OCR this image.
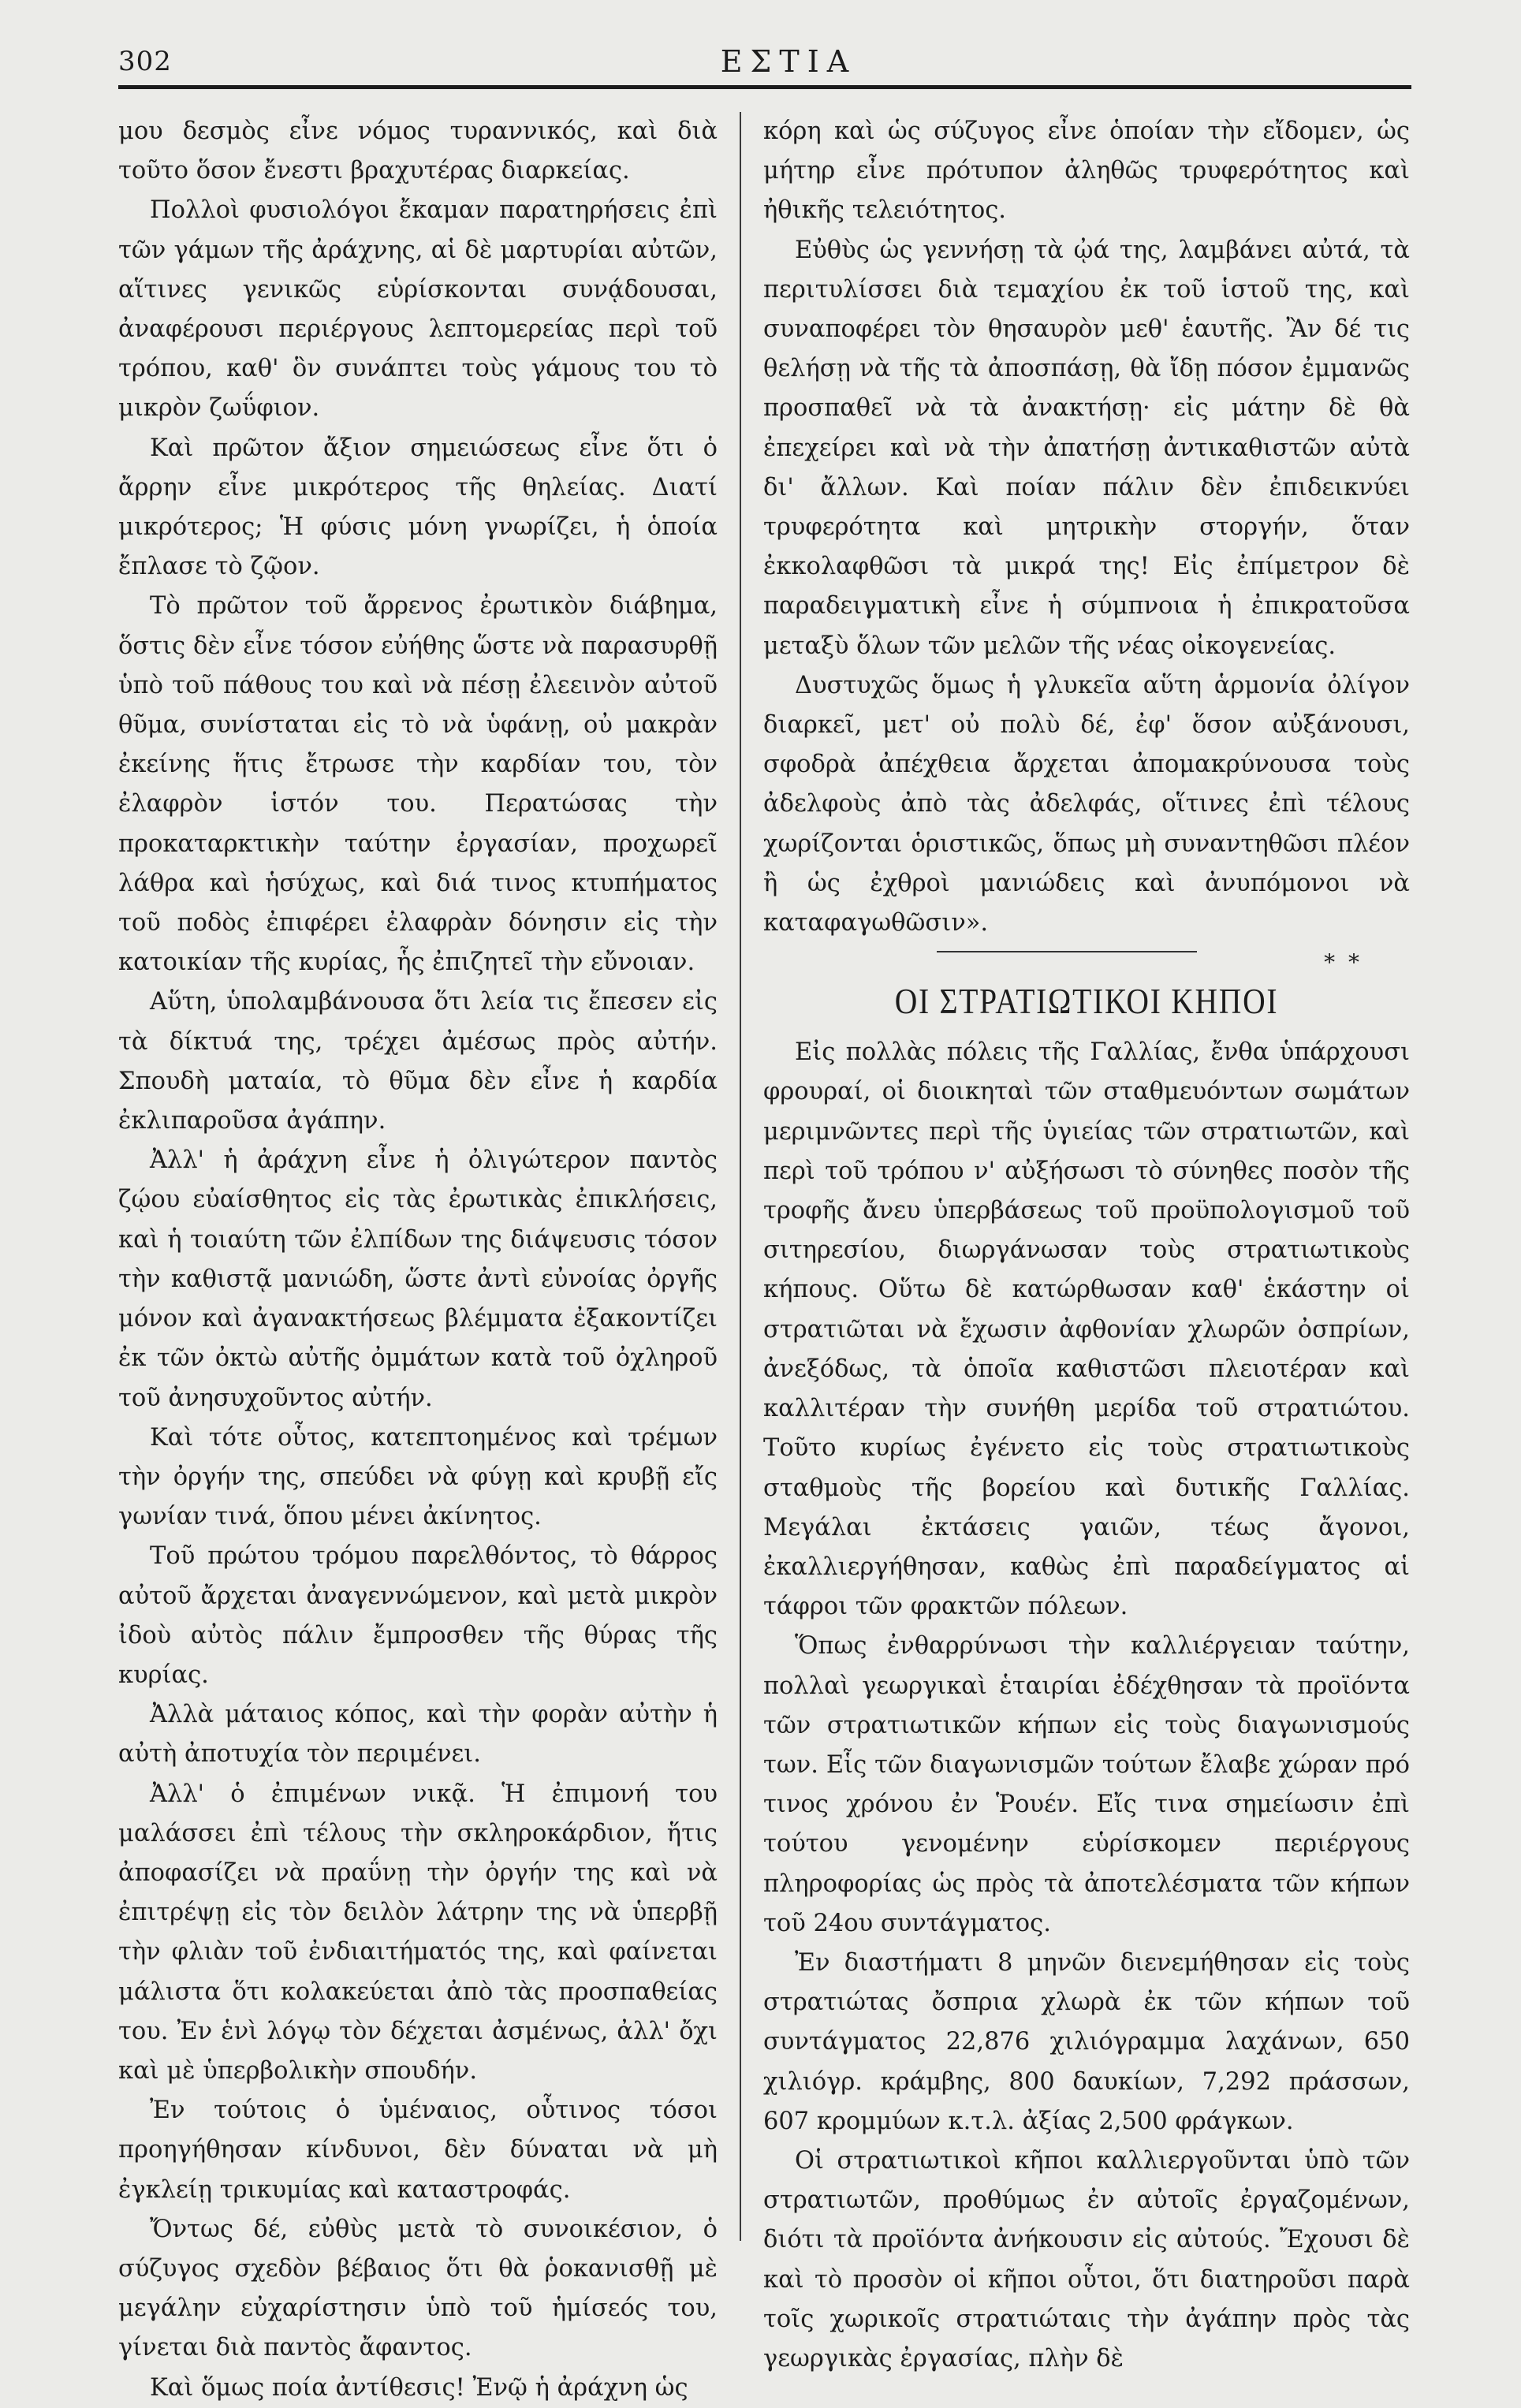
302	ΕΣΤΙΑ

μου δεσμὸς εἶνε νόμος τυραννικός, καὶ διὰ τοῦτο ὅσον ἔνεστι βραχυτέρας διαρκείας.

Πολλοὶ φυσιολόγοι ἔκαμαν παρατηρήσεις ἐπὶ τῶν γάμων τῆς ἀράχνης, αἱ δὲ μαρτυρίαι αὐτῶν, αἵτινες γενικῶς εὑρίσκονται συνᾴδουσαι, ἀναφέρουσι περιέργους λεπτομερείας περὶ τοῦ τρόπου, καθ' ὃν συνάπτει τοὺς γάμους του τὸ μικρὸν ζωΰφιον.

Καὶ πρῶτον ἄξιον σημειώσεως εἶνε ὅτι ὁ ἄρρην εἶνε μικρότερος τῆς θηλείας. Διατί μικρότερος; Ἡ φύσις μόνη γνωρίζει, ἡ ὁποία ἔπλασε τὸ ζῷον.

Τὸ πρῶτον τοῦ ἄρρενος ἐρωτικὸν διάβημα, ὅστις δὲν εἶνε τόσον εὐήθης ὥστε νὰ παρασυρθῇ ὑπὸ τοῦ πάθους του καὶ νὰ πέσῃ ἐλεεινὸν αὐτοῦ θῦμα, συνίσταται εἰς τὸ νὰ ὑφάνῃ, οὐ μακρὰν ἐκείνης ἥτις ἔτρωσε τὴν καρδίαν του, τὸν ἐλαφρὸν ἱστόν του. Περατώσας τὴν προκαταρκτικὴν ταύτην ἐργασίαν, προχωρεῖ λάθρα καὶ ἡσύχως, καὶ διά τινος κτυπήματος τοῦ ποδὸς ἐπιφέρει ἐλαφρὰν δόνησιν εἰς τὴν κατοικίαν τῆς κυρίας, ἧς ἐπιζητεῖ τὴν εὔνοιαν.

Αὕτη, ὑπολαμβάνουσα ὅτι λεία τις ἔπεσεν εἰς τὰ δίκτυά της, τρέχει ἀμέσως πρὸς αὐτήν. Σπουδὴ ματαία, τὸ θῦμα δὲν εἶνε ἡ καρδία ἐκλιπαροῦσα ἀγάπην.

Ἀλλ' ἡ ἀράχνη εἶνε ἡ ὀλιγώτερον παντὸς ζῴου εὐαίσθητος εἰς τὰς ἐρωτικὰς ἐπικλήσεις, καὶ ἡ τοιαύτη τῶν ἐλπίδων της διάψευσις τόσον τὴν καθιστᾷ μανιώδη, ὥστε ἀντὶ εὐνοίας ὀργῆς μόνον καὶ ἀγανακτήσεως βλέμματα ἐξακοντίζει ἐκ τῶν ὀκτὼ αὐτῆς ὀμμάτων κατὰ τοῦ ὀχληροῦ τοῦ ἀνησυχοῦντος αὐτήν.

Καὶ τότε οὗτος, κατεπτοημένος καὶ τρέμων τὴν ὀργήν της, σπεύδει νὰ φύγῃ καὶ κρυβῇ εἴς γωνίαν τινά, ὅπου μένει ἀκίνητος.

Τοῦ πρώτου τρόμου παρελθόντος, τὸ θάρρος αὐτοῦ ἄρχεται ἀναγεννώμενον, καὶ μετὰ μικρὸν ἰδοὺ αὐτὸς πάλιν ἔμπροσθεν τῆς θύρας τῆς κυρίας.

Ἀλλὰ μάταιος κόπος, καὶ τὴν φορὰν αὐτὴν ἡ αὐτὴ ἀποτυχία τὸν περιμένει.

Ἀλλ' ὁ ἐπιμένων νικᾷ. Ἡ ἐπιμονή του μαλάσσει ἐπὶ τέλους τὴν σκληροκάρδιον, ἥτις ἀποφασίζει νὰ πραΰνῃ τὴν ὀργήν της καὶ νὰ ἐπιτρέψῃ εἰς τὸν δειλὸν λάτρην της νὰ ὑπερβῇ τὴν φλιὰν τοῦ ἐνδιαιτήματός της, καὶ φαίνεται μάλιστα ὅτι κολακεύεται ἀπὸ τὰς προσπαθείας του. Ἐν ἑνὶ λόγῳ τὸν δέχεται ἀσμένως, ἀλλ' ὄχι καὶ μὲ ὑπερβολικὴν σπουδήν.

Ἐν τούτοις ὁ ὑμέναιος, οὗτινος τόσοι προηγήθησαν κίνδυνοι, δὲν δύναται νὰ μὴ ἐγκλείῃ τρικυμίας καὶ καταστροφάς.

Ὄντως δέ, εὐθὺς μετὰ τὸ συνοικέσιον, ὁ σύζυγος σχεδὸν βέβαιος ὅτι θὰ ῥοκανισθῇ μὲ μεγάλην εὐχαρίστησιν ὑπὸ τοῦ ἡμίσεός του, γίνεται διὰ παντὸς ἄφαντος.

Καὶ ὅμως ποία ἀντίθεσις! Ἐνῷ ἡ ἀράχνη ὡς

κόρη καὶ ὡς σύζυγος εἶνε ὁποίαν τὴν εἴδομεν, ὡς μήτηρ εἶνε πρότυπον ἀληθῶς τρυφερότητος καὶ ἠθικῆς τελειότητος.

Εὐθὺς ὡς γεννήσῃ τὰ ᾠά της, λαμβάνει αὐτά, τὰ περιτυλίσσει διὰ τεμαχίου ἐκ τοῦ ἱστοῦ της, καὶ συναποφέρει τὸν θησαυρὸν μεθ' ἑαυτῆς. Ἂν δέ τις θελήσῃ νὰ τῆς τὰ ἀποσπάσῃ, θὰ ἴδῃ πόσον ἐμμανῶς προσπαθεῖ νὰ τὰ ἀνακτήσῃ· εἰς μάτην δὲ θὰ ἐπεχείρει καὶ νὰ τὴν ἀπατήσῃ ἀντικαθιστῶν αὐτὰ δι' ἄλλων. Καὶ ποίαν πάλιν δὲν ἐπιδεικνύει τρυφερότητα καὶ μητρικὴν στοργήν, ὅταν ἐκκολαφθῶσι τὰ μικρά της! Εἰς ἐπίμετρον δὲ παραδειγματικὴ εἶνε ἡ σύμπνοια ἡ ἐπικρατοῦσα μεταξὺ ὅλων τῶν μελῶν τῆς νέας οἰκογενείας.

Δυστυχῶς ὅμως ἡ γλυκεῖα αὕτη ἁρμονία ὀλίγον διαρκεῖ, μετ' οὐ πολὺ δέ, ἐφ' ὅσον αὐξάνουσι, σφοδρὰ ἀπέχθεια ἄρχεται ἀπομακρύνουσα τοὺς ἀδελφοὺς ἀπὸ τὰς ἀδελφάς, οἵτινες ἐπὶ τέλους χωρίζονται ὁριστικῶς, ὅπως μὴ συναντηθῶσι πλέον ἢ ὡς ἐχθροὶ μανιώδεις καὶ ἀνυπόμονοι νὰ καταφαγωθῶσιν».

* *
ΟΙ ΣΤΡΑΤΙΩΤΙΚΟΙ ΚΗΠΟΙ

Εἰς πολλὰς πόλεις τῆς Γαλλίας, ἔνθα ὑπάρχουσι φρουραί, οἱ διοικηταὶ τῶν σταθμευόντων σωμάτων μεριμνῶντες περὶ τῆς ὑγιείας τῶν στρατιωτῶν, καὶ περὶ τοῦ τρόπου ν' αὐξήσωσι τὸ σύνηθες ποσὸν τῆς τροφῆς ἄνευ ὑπερβάσεως τοῦ προϋπολογισμοῦ τοῦ σιτηρεσίου, διωργάνωσαν τοὺς στρατιωτικοὺς κήπους. Οὕτω δὲ κατώρθωσαν καθ' ἑκάστην οἱ στρατιῶται νὰ ἔχωσιν ἀφθονίαν χλωρῶν ὀσπρίων, ἀνεξόδως, τὰ ὁποῖα καθιστῶσι πλειοτέραν καὶ καλλιτέραν τὴν συνήθη μερίδα τοῦ στρατιώτου. Τοῦτο κυρίως ἐγένετο εἰς τοὺς στρατιωτικοὺς σταθμοὺς τῆς βορείου καὶ δυτικῆς Γαλλίας. Μεγάλαι ἐκτάσεις γαιῶν, τέως ἄγονοι, ἐκαλλιεργήθησαν, καθὼς ἐπὶ παραδείγματος αἱ τάφροι τῶν φρακτῶν πόλεων.

Ὅπως ἐνθαρρύνωσι τὴν καλλιέργειαν ταύτην, πολλαὶ γεωργικαὶ ἑταιρίαι ἐδέχθησαν τὰ προϊόντα τῶν στρατιωτικῶν κήπων εἰς τοὺς διαγωνισμούς των. Εἷς τῶν διαγωνισμῶν τούτων ἔλαβε χώραν πρό τινος χρόνου ἐν Ῥουέν. Εἴς τινα σημείωσιν ἐπὶ τούτου γενομένην εὑρίσκομεν περιέργους πληροφορίας ὡς πρὸς τὰ ἀποτελέσματα τῶν κήπων τοῦ 24ου συντάγματος.

Ἐν διαστήματι 8 μηνῶν διενεμήθησαν εἰς τοὺς στρατιώτας ὄσπρια χλωρὰ ἐκ τῶν κήπων τοῦ συντάγματος 22,876 χιλιόγραμμα λαχάνων, 650 χιλιόγρ. κράμβης, 800 δαυκίων, 7,292 πράσσων, 607 κρομμύων κ.τ.λ. ἀξίας 2,500 φράγκων.

Οἱ στρατιωτικοὶ κῆποι καλλιεργοῦνται ὑπὸ τῶν στρατιωτῶν, προθύμως ἐν αὐτοῖς ἐργαζομένων, διότι τὰ προϊόντα ἀνήκουσιν εἰς αὐτούς. Ἔχουσι δὲ καὶ τὸ προσὸν οἱ κῆποι οὗτοι, ὅτι διατηροῦσι παρὰ τοῖς χωρικοῖς στρατιώταις τὴν ἀγάπην πρὸς τὰς γεωργικὰς ἐργασίας, πλὴν δὲ
